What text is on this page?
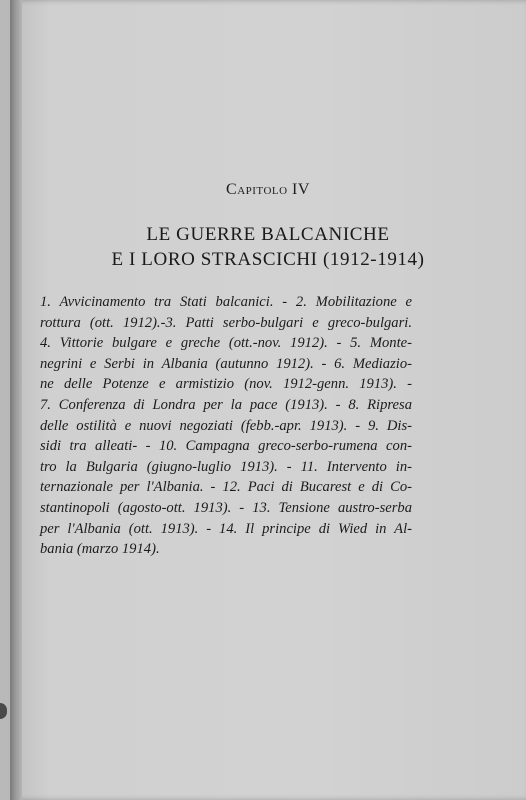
Capitolo IV
LE GUERRE BALCANICHE
E I LORO STRASCICHI (1912-1914)
1. Avvicinamento tra Stati balcanici. - 2. Mobilitazione e
rottura (ott. 1912).-3. Patti serbo-bulgari e greco-bulgari.
4. Vittorie bulgare e greche (ott.-nov. 1912). - 5. Monte-
negrini e Serbi in Albania (autunno 1912). - 6. Mediazio-
ne delle Potenze e armistizio (nov. 1912-genn. 1913). -
7. Conferenza di Londra per la pace (1913). - 8. Ripresa
delle ostilità e nuovi negoziati (febb.-apr. 1913). - 9. Dis-
sidi tra alleati- - 10. Campagna greco-serbo-rumena con-
tro la Bulgaria (giugno-luglio 1913). - 11. Intervento in-
ternazionale per l'Albania. - 12. Paci di Bucarest e di Co-
stantinopoli (agosto-ott. 1913). - 13. Tensione austro-serba
per l'Albania (ott. 1913). - 14. Il principe di Wied in Al-
bania (marzo 1914).
